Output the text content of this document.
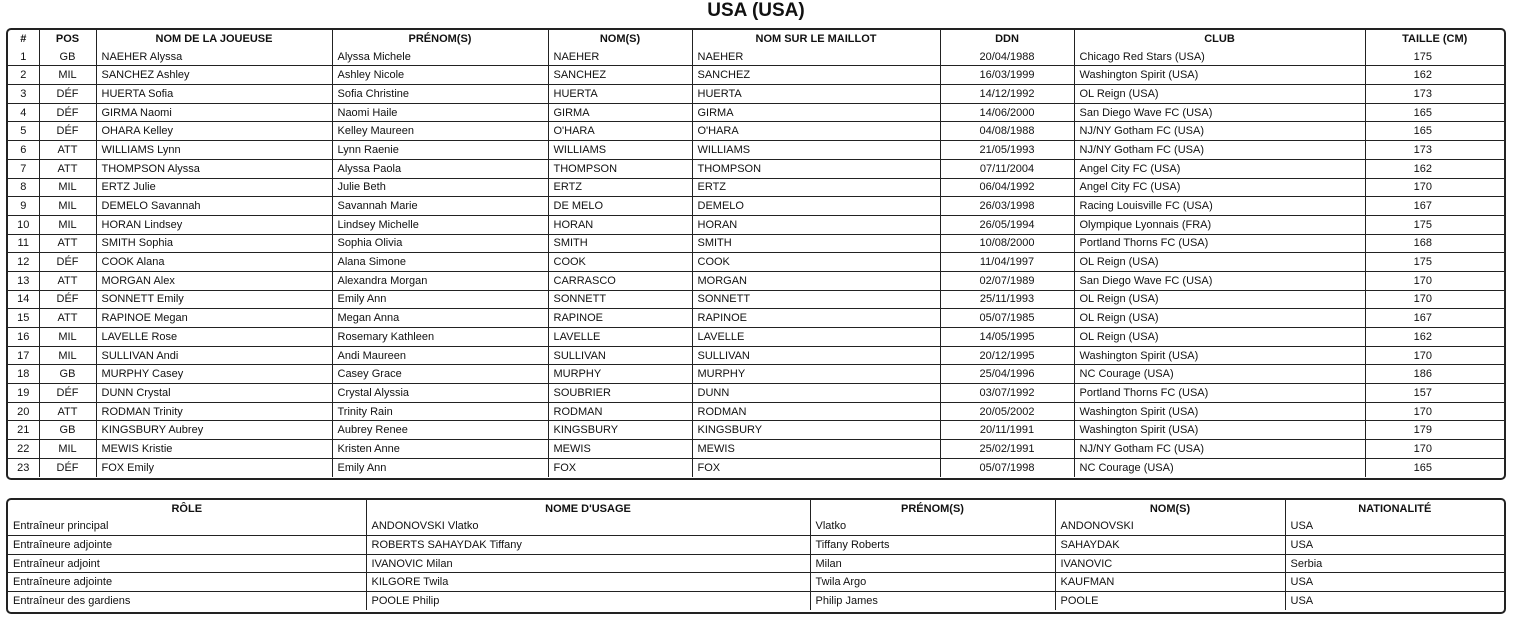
USA (USA)
#	POS	NOM DE LA JOUEUSE	PRÉNOM(S)	NOM(S)	NOM SUR LE MAILLOT	DDN	CLUB	TAILLE (CM)
1	GB	NAEHER Alyssa	Alyssa Michele	NAEHER	NAEHER	20/04/1988	Chicago Red Stars (USA)	175
2	MIL	SANCHEZ Ashley	Ashley Nicole	SANCHEZ	SANCHEZ	16/03/1999	Washington Spirit (USA)	162
3	DÉF	HUERTA Sofia	Sofia Christine	HUERTA	HUERTA	14/12/1992	OL Reign (USA)	173
4	DÉF	GIRMA Naomi	Naomi Haile	GIRMA	GIRMA	14/06/2000	San Diego Wave FC (USA)	165
5	DÉF	OHARA Kelley	Kelley Maureen	O'HARA	O'HARA	04/08/1988	NJ/NY Gotham FC (USA)	165
6	ATT	WILLIAMS Lynn	Lynn Raenie	WILLIAMS	WILLIAMS	21/05/1993	NJ/NY Gotham FC (USA)	173
7	ATT	THOMPSON Alyssa	Alyssa Paola	THOMPSON	THOMPSON	07/11/2004	Angel City FC (USA)	162
8	MIL	ERTZ Julie	Julie Beth	ERTZ	ERTZ	06/04/1992	Angel City FC (USA)	170
9	MIL	DEMELO Savannah	Savannah Marie	DE MELO	DEMELO	26/03/1998	Racing Louisville FC (USA)	167
10	MIL	HORAN Lindsey	Lindsey Michelle	HORAN	HORAN	26/05/1994	Olympique Lyonnais (FRA)	175
11	ATT	SMITH Sophia	Sophia Olivia	SMITH	SMITH	10/08/2000	Portland Thorns FC (USA)	168
12	DÉF	COOK Alana	Alana Simone	COOK	COOK	11/04/1997	OL Reign (USA)	175
13	ATT	MORGAN Alex	Alexandra Morgan	CARRASCO	MORGAN	02/07/1989	San Diego Wave FC (USA)	170
14	DÉF	SONNETT Emily	Emily Ann	SONNETT	SONNETT	25/11/1993	OL Reign (USA)	170
15	ATT	RAPINOE Megan	Megan Anna	RAPINOE	RAPINOE	05/07/1985	OL Reign (USA)	167
16	MIL	LAVELLE Rose	Rosemary Kathleen	LAVELLE	LAVELLE	14/05/1995	OL Reign (USA)	162
17	MIL	SULLIVAN Andi	Andi Maureen	SULLIVAN	SULLIVAN	20/12/1995	Washington Spirit (USA)	170
18	GB	MURPHY Casey	Casey Grace	MURPHY	MURPHY	25/04/1996	NC Courage (USA)	186
19	DÉF	DUNN Crystal	Crystal Alyssia	SOUBRIER	DUNN	03/07/1992	Portland Thorns FC (USA)	157
20	ATT	RODMAN Trinity	Trinity Rain	RODMAN	RODMAN	20/05/2002	Washington Spirit (USA)	170
21	GB	KINGSBURY Aubrey	Aubrey Renee	KINGSBURY	KINGSBURY	20/11/1991	Washington Spirit (USA)	179
22	MIL	MEWIS Kristie	Kristen Anne	MEWIS	MEWIS	25/02/1991	NJ/NY Gotham FC (USA)	170
23	DÉF	FOX Emily	Emily Ann	FOX	FOX	05/07/1998	NC Courage (USA)	165
RÔLE	NOME D'USAGE	PRÉNOM(S)	NOM(S)	NATIONALITÉ
Entraîneur principal	ANDONOVSKI Vlatko	Vlatko	ANDONOVSKI	USA
Entraîneure adjointe	ROBERTS SAHAYDAK Tiffany	Tiffany Roberts	SAHAYDAK	USA
Entraîneur adjoint	IVANOVIC Milan	Milan	IVANOVIC	Serbia
Entraîneure adjointe	KILGORE Twila	Twila Argo	KAUFMAN	USA
Entraîneur des gardiens	POOLE Philip	Philip James	POOLE	USA
